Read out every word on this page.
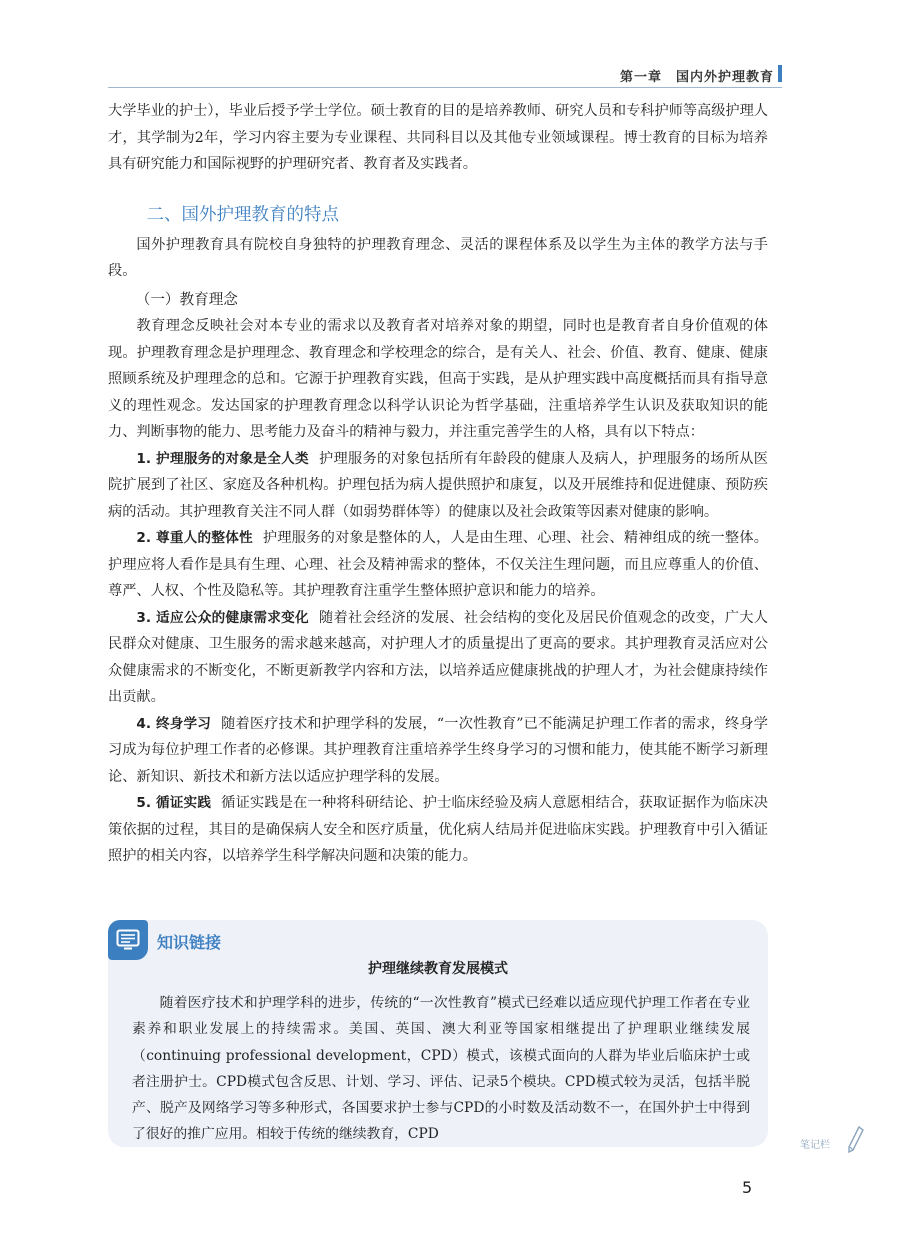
第一章　国内外护理教育

大学毕业的护士），毕业后授予学士学位。硕士教育的目的是培养教师、研究人员和专科护师等高级护理人才，其学制为2年，学习内容主要为专业课程、共同科目以及其他专业领域课程。博士教育的目标为培养具有研究能力和国际视野的护理研究者、教育者及实践者。

二、国外护理教育的特点

国外护理教育具有院校自身独特的护理教育理念、灵活的课程体系及以学生为主体的教学方法与手段。

（一）教育理念

教育理念反映社会对本专业的需求以及教育者对培养对象的期望，同时也是教育者自身价值观的体现。护理教育理念是护理理念、教育理念和学校理念的综合，是有关人、社会、价值、教育、健康、健康照顾系统及护理理念的总和。它源于护理教育实践，但高于实践，是从护理实践中高度概括而具有指导意义的理性观念。发达国家的护理教育理念以科学认识论为哲学基础，注重培养学生认识及获取知识的能力、判断事物的能力、思考能力及奋斗的精神与毅力，并注重完善学生的人格，具有以下特点：

1. 护理服务的对象是全人类 护理服务的对象包括所有年龄段的健康人及病人，护理服务的场所从医院扩展到了社区、家庭及各种机构。护理包括为病人提供照护和康复，以及开展维持和促进健康、预防疾病的活动。其护理教育关注不同人群（如弱势群体等）的健康以及社会政策等因素对健康的影响。

2. 尊重人的整体性 护理服务的对象是整体的人，人是由生理、心理、社会、精神组成的统一整体。护理应将人看作是具有生理、心理、社会及精神需求的整体，不仅关注生理问题，而且应尊重人的价值、尊严、人权、个性及隐私等。其护理教育注重学生整体照护意识和能力的培养。

3. 适应公众的健康需求变化 随着社会经济的发展、社会结构的变化及居民价值观念的改变，广大人民群众对健康、卫生服务的需求越来越高，对护理人才的质量提出了更高的要求。其护理教育灵活应对公众健康需求的不断变化，不断更新教学内容和方法，以培养适应健康挑战的护理人才，为社会健康持续作出贡献。

4. 终身学习 随着医疗技术和护理学科的发展，“一次性教育”已不能满足护理工作者的需求，终身学习成为每位护理工作者的必修课。其护理教育注重培养学生终身学习的习惯和能力，使其能不断学习新理论、新知识、新技术和新方法以适应护理学科的发展。

5. 循证实践 循证实践是在一种将科研结论、护士临床经验及病人意愿相结合，获取证据作为临床决策依据的过程，其目的是确保病人安全和医疗质量，优化病人结局并促进临床实践。护理教育中引入循证照护的相关内容，以培养学生科学解决问题和决策的能力。

知识链接
护理继续教育发展模式

随着医疗技术和护理学科的进步，传统的“一次性教育”模式已经难以适应现代护理工作者在专业素养和职业发展上的持续需求。美国、英国、澳大利亚等国家相继提出了护理职业继续发展（continuing professional development，CPD）模式，该模式面向的人群为毕业后临床护士或者注册护士。CPD模式包含反思、计划、学习、评估、记录5个模块。CPD模式较为灵活，包括半脱产、脱产及网络学习等多种形式，各国要求护士参与CPD的小时数及活动数不一，在国外护士中得到了很好的推广应用。相较于传统的继续教育，CPD

笔记栏
5
